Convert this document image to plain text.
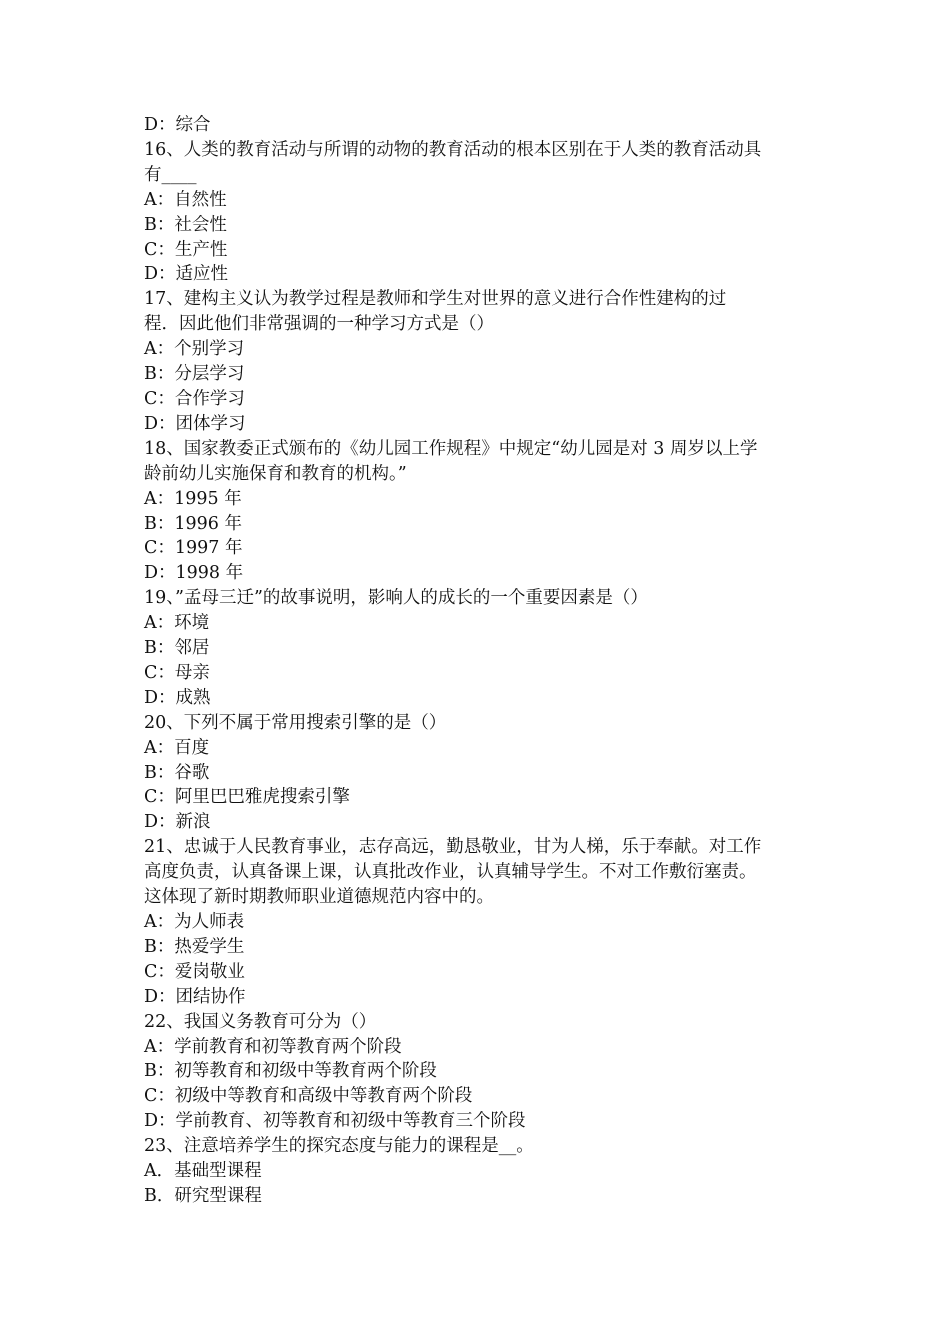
D：综合
16、人类的教育活动与所谓的动物的教育活动的根本区别在于人类的教育活动具
有____
A：自然性
B：社会性
C：生产性
D：适应性
17、建构主义认为教学过程是教师和学生对世界的意义进行合作性建构的过
程．因此他们非常强调的一种学习方式是（）
A：个别学习
B：分层学习
C：合作学习
D：团体学习
18、国家教委正式颁布的《幼儿园工作规程》中规定“幼儿园是对 3 周岁以上学
龄前幼儿实施保育和教育的机构。”
A：1995 年
B：1996 年
C：1997 年
D：1998 年
19、”孟母三迁”的故事说明，影响人的成长的一个重要因素是（）
A：环境
B：邻居
C：母亲
D：成熟
20、下列不属于常用搜索引擎的是（）
A：百度
B：谷歌
C：阿里巴巴雅虎搜索引擎
D：新浪
21、忠诚于人民教育事业，志存高远，勤恳敬业，甘为人梯，乐于奉献。对工作
高度负责，认真备课上课，认真批改作业，认真辅导学生。不对工作敷衍塞责。
这体现了新时期教师职业道德规范内容中的。
A：为人师表
B：热爱学生
C：爱岗敬业
D：团结协作
22、我国义务教育可分为（）
A：学前教育和初等教育两个阶段
B：初等教育和初级中等教育两个阶段
C：初级中等教育和高级中等教育两个阶段
D：学前教育、初等教育和初级中等教育三个阶段
23、注意培养学生的探究态度与能力的课程是__。
A．基础型课程
B．研究型课程
